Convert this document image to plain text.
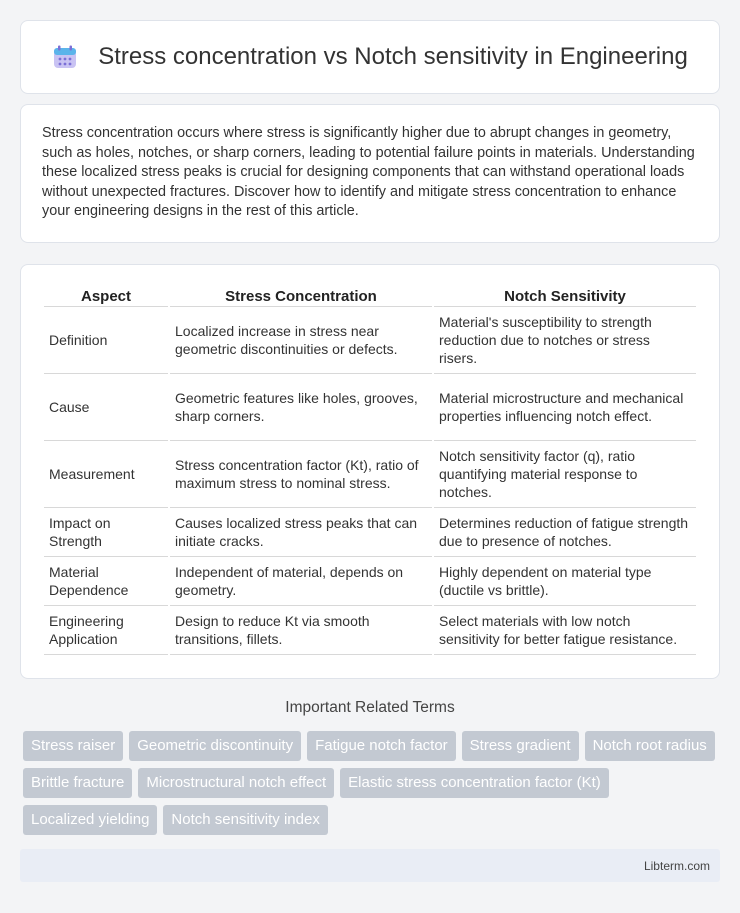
Stress concentration vs Notch sensitivity in Engineering

Stress concentration occurs where stress is significantly higher due to abrupt changes in geometry, such as holes, notches, or sharp corners, leading to potential failure points in materials. Understanding these localized stress peaks is crucial for designing components that can withstand operational loads without unexpected fractures. Discover how to identify and mitigate stress concentration to enhance your engineering designs in the rest of this article.

Aspect	Stress Concentration	Notch Sensitivity
Definition	Localized increase in stress near geometric discontinuities or defects.	Material's susceptibility to strength reduction due to notches or stress risers.
Cause	Geometric features like holes, grooves, sharp corners.	Material microstructure and mechanical properties influencing notch effect.
Measurement	Stress concentration factor (Kt), ratio of maximum stress to nominal stress.	Notch sensitivity factor (q), ratio quantifying material response to notches.
Impact on Strength	Causes localized stress peaks that can initiate cracks.	Determines reduction of fatigue strength due to presence of notches.
Material Dependence	Independent of material, depends on geometry.	Highly dependent on material type (ductile vs brittle).
Engineering Application	Design to reduce Kt via smooth transitions, fillets.	Select materials with low notch sensitivity for better fatigue resistance.
Important Related Terms
Stress raiser	Geometric discontinuity	Fatigue notch factor	Stress gradient	Notch root radius
Brittle fracture	Microstructural notch effect	Elastic stress concentration factor (Kt)
Localized yielding	Notch sensitivity index
Libterm.com
